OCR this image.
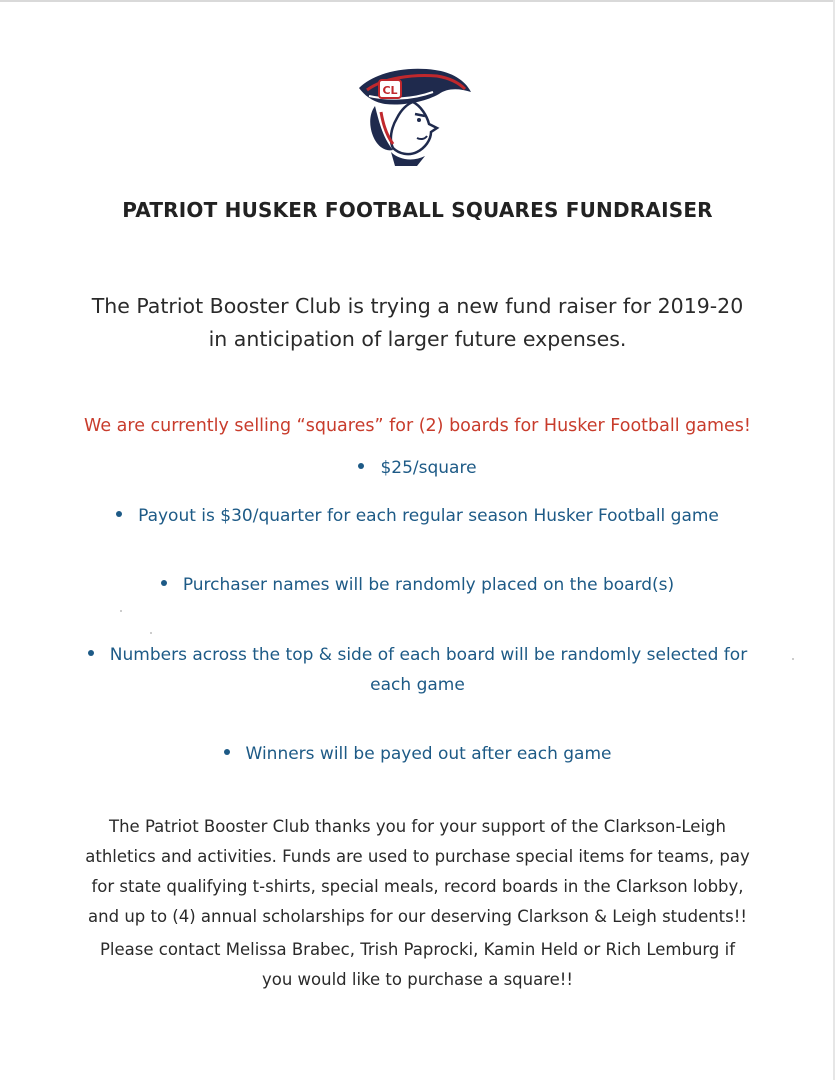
CL
PATRIOT HUSKER FOOTBALL SQUARES FUNDRAISER
The Patriot Booster Club is trying a new fund raiser for 2019-20
in anticipation of larger future expenses.
We are currently selling “squares” for (2) boards for Husker Football games!
$25/square
Payout is $30/quarter for each regular season Husker Football game
Purchaser names will be randomly placed on the board(s)
Numbers across the top & side of each board will be randomly selected for
each game
Winners will be payed out after each game
The Patriot Booster Club thanks you for your support of the Clarkson-Leigh
athletics and activities. Funds are used to purchase special items for teams, pay
for state qualifying t-shirts, special meals, record boards in the Clarkson lobby,
and up to (4) annual scholarships for our deserving Clarkson & Leigh students!!
Please contact Melissa Brabec, Trish Paprocki, Kamin Held or Rich Lemburg if
you would like to purchase a square!!
